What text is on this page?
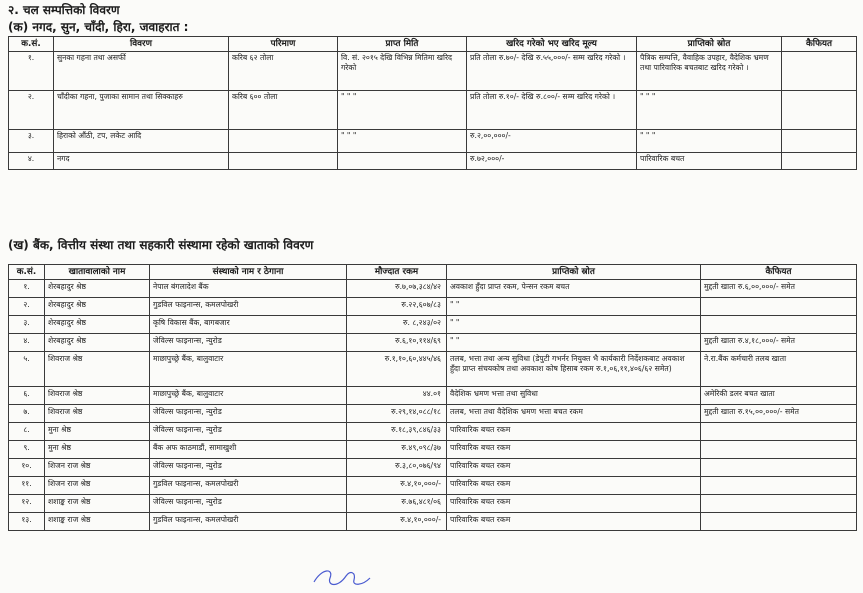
२. चल सम्पत्तिको विवरण
(क) नगद, सुन, चाँदी, हिरा, जवाहरात :
क.सं.	विवरण	परिमाण	प्राप्त मिति	खरिद गरेको भए खरिद मूल्य	प्राप्तिको स्रोत	कैफियत
१.	सुनका गहना तथा असर्फी	करिब ६२ तोला	वि. सं. २०१५ देखि विभिन्न मितिमा खरिद गरेको	प्रति तोला रु.७०/- देखि रु.५५,०००/- सम्म खरिद गरेको ।	पैत्रिक सम्पत्ति, वैवाहिक उपहार, वैदेशिक भ्रमण तथा पारिवारिक बचतबाट खरिद गरेको ।	
२.	चाँदीका गहना, पुजाका सामान तथा सिक्काहरु	करिब ६०० तोला	" " "	प्रति तोला रु.१०/- देखि रु.८००/- सम्म खरिद गरेको ।	" " "	
३.	हिराको औंठी, टप, लकेट आदि		" " "	रु.२,००,०००/-	" " "	
४.	नगद			रु.७२,०००/-	पारिवारिक बचत	
(ख) बैंक, वित्तीय संस्था तथा सहकारी संस्थामा रहेको खाताको विवरण
क.सं.	खातावालाको नाम	संस्थाको नाम र ठेगाना	मौज्दात रकम	प्राप्तिको स्रोत	कैफियत
१.	शेरबहादुर श्रेष्ठ	नेपाल बंगलादेश बैंक	रु.७,०७,३८४/४२	अवकाश हुँदा प्राप्त रकम, पेन्सन रकम बचत	मुद्दती खाता रु.६,००,०००/- समेत
२.	शेरबहादुर श्रेष्ठ	गुडविल फाइनान्स, कमलपोखरी	रु.२२,६०७/८३	" "	
३.	शेरबहादुर श्रेष्ठ	कृषि विकास बैंक, बागबजार	रु. ८,२४३/०२	" "	
४.	शेरबहादुर श्रेष्ठ	जेविल्स फाइनान्स, न्युरोड	रु.६,१०,११४/६९	" "	मुद्दती खाता रु.४,१८,०००/- समेत
५.	शिवराज श्रेष्ठ	माछापुच्छ्रे बैंक, बालुवाटार	रु.१,१०,६०,४४५/४६	तलब, भत्ता तथा अन्य सुविधा (डेपुटी गभर्नर नियुक्त भै कार्यकारी निर्देशकबाट अवकाश हुँदा प्राप्त संचयकोष तथा अवकाश कोष हिसाब रकम रु.१,०६,११,४०६/६२ समेत)	ने.रा.बैंक कर्मचारी तलब खाता
६.	शिवराज श्रेष्ठ	माछापुच्छ्रे बैंक, बालुवाटार	४४.०१	वैदेशिक भ्रमण भत्ता तथा सुविधा	अमेरिकी डलर बचत खाता
७.	शिवराज श्रेष्ठ	जेविल्स फाइनान्स, न्युरोड	रु.२९,१४,०८८/१८	तलब, भत्ता तथा वैदेशिक भ्रमण भत्ता बचत रकम	मुद्दती खाता रु.१५,००,०००/- समेत
८.	मुना श्रेष्ठ	जेविल्स फाइनान्स, न्युरोड	रु.१८,३९,८४६/३३	पारिवारिक बचत रकम	
९.	मुना श्रेष्ठ	बैंक अफ काठमाडौं, सामाखुशी	रु.४९,०९८/३७	पारिवारिक बचत रकम	
१०.	शिजन राज श्रेष्ठ	जेविल्स फाइनान्स, न्युरोड	रु.३,८०,०७६/९४	पारिवारिक बचत रकम	
११.	शिजन राज श्रेष्ठ	गुडविल फाइनान्स, कमलपोखरी	रु.४,१०,०००/-	पारिवारिक बचत रकम	
१२.	शशाङ्क राज श्रेष्ठ	जेविल्स फाइनान्स, न्युरोड	रु.७६,४८१/०६	पारिवारिक बचत रकम	
१३.	शशाङ्क राज श्रेष्ठ	गुडविल फाइनान्स, कमलपोखरी	रु.४,१०,०००/-	पारिवारिक बचत रकम	
